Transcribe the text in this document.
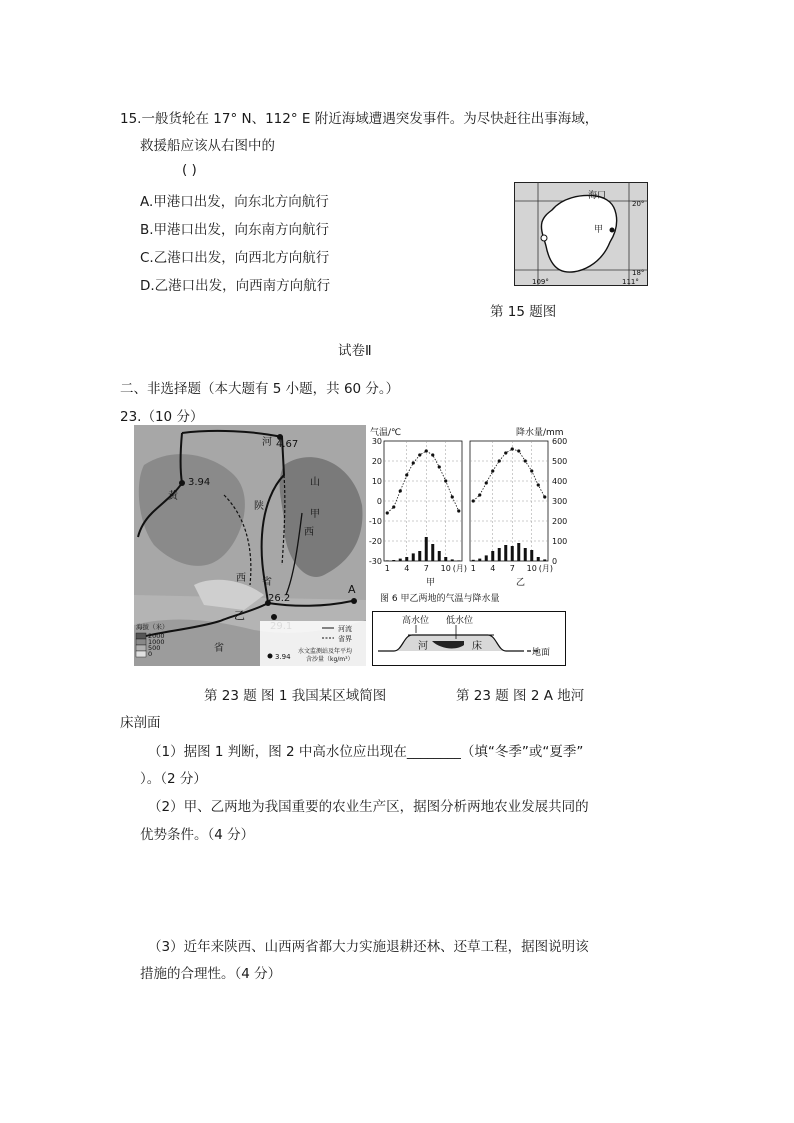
15.一般货轮在 17° N、112° E 附近海域遭遇突发事件。为尽快赶往出事海域，
救援船应该从右图中的
( )
A.甲港口出发，向东北方向航行
B.甲港口出发，向东南方向航行
C.乙港口出发，向西北方向航行
D.乙港口出发，向西南方向航行
海口
甲
20°
18°
109°	111°
第 15 题图
试卷Ⅱ
二、非选择题（本大题有 5 小题，共 60 分。）
23.（10 分）
3.94
4.67
26.2
河
黄
山
陕
西 省
甲
西
省
乙
A
海拔（米）
2000
1000
500
0
河流
省界
3.94
水文监测站及年平均
含沙量（kg/m³）
气温/℃	降水量/mm
30
20
10
0
-10
-20
-30
600
500
400
300
200
100
0
1 4 7 10 (月) 1 4 7 10 (月)
甲	乙
图 6 甲乙两地的气温与降水量
高水位 低水位
河	床
地面
第 23 题 图 1 我国某区域简图	第 23 题 图 2 A 地河
床剖面
（1）据图 1 判断，图 2 中高水位应出现在________（填“冬季”或“夏季”
）。（2 分）
（2）甲、乙两地为我国重要的农业生产区，据图分析两地农业发展共同的
优势条件。（4 分）
（3）近年来陕西、山西两省都大力实施退耕还林、还草工程，据图说明该
措施的合理性。（4 分）
